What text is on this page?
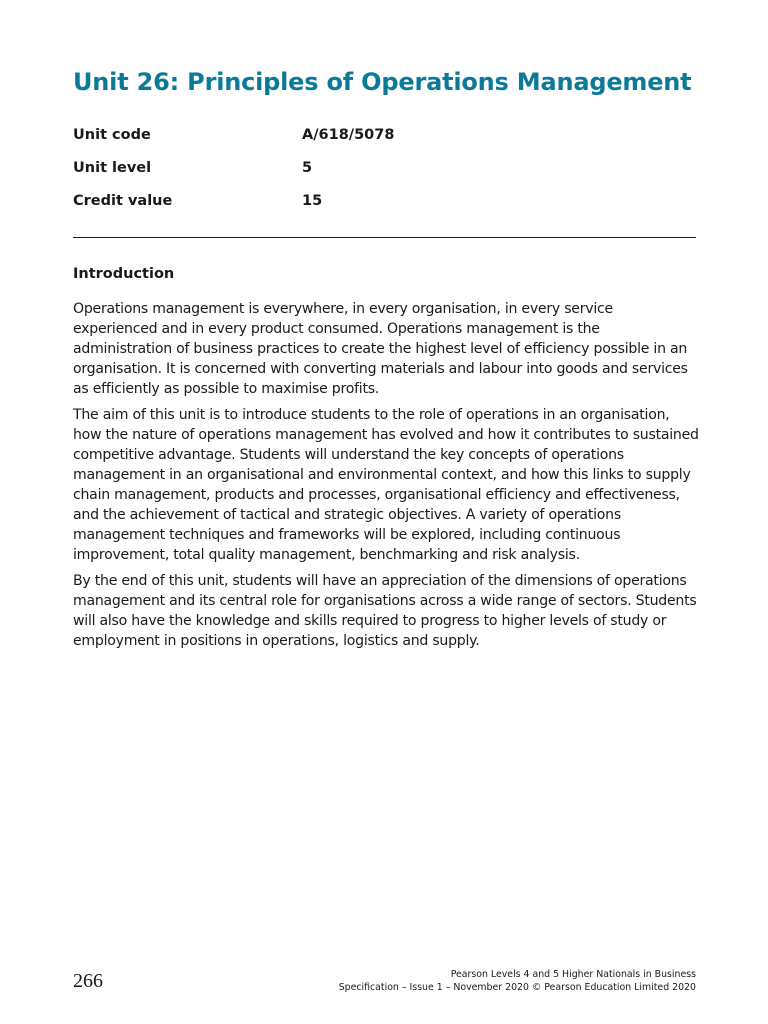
Unit 26: Principles of Operations Management
Unit code	A/618/5078
Unit level	5
Credit value	15
Introduction

Operations management is everywhere, in every organisation, in every service experienced and in every product consumed. Operations management is the administration of business practices to create the highest level of efficiency possible in an organisation. It is concerned with converting materials and labour into goods and services as efficiently as possible to maximise profits.

The aim of this unit is to introduce students to the role of operations in an organisation, how the nature of operations management has evolved and how it contributes to sustained competitive advantage. Students will understand the key concepts of operations management in an organisational and environmental context, and how this links to supply chain management, products and processes, organisational efficiency and effectiveness, and the achievement of tactical and strategic objectives. A variety of operations management techniques and frameworks will be explored, including continuous improvement, total quality management, benchmarking and risk analysis.

By the end of this unit, students will have an appreciation of the dimensions of operations management and its central role for organisations across a wide range of sectors. Students will also have the knowledge and skills required to progress to higher levels of study or employment in positions in operations, logistics and supply.

266	Pearson Levels 4 and 5 Higher Nationals in Business
Specification – Issue 1 – November 2020 © Pearson Education Limited 2020
